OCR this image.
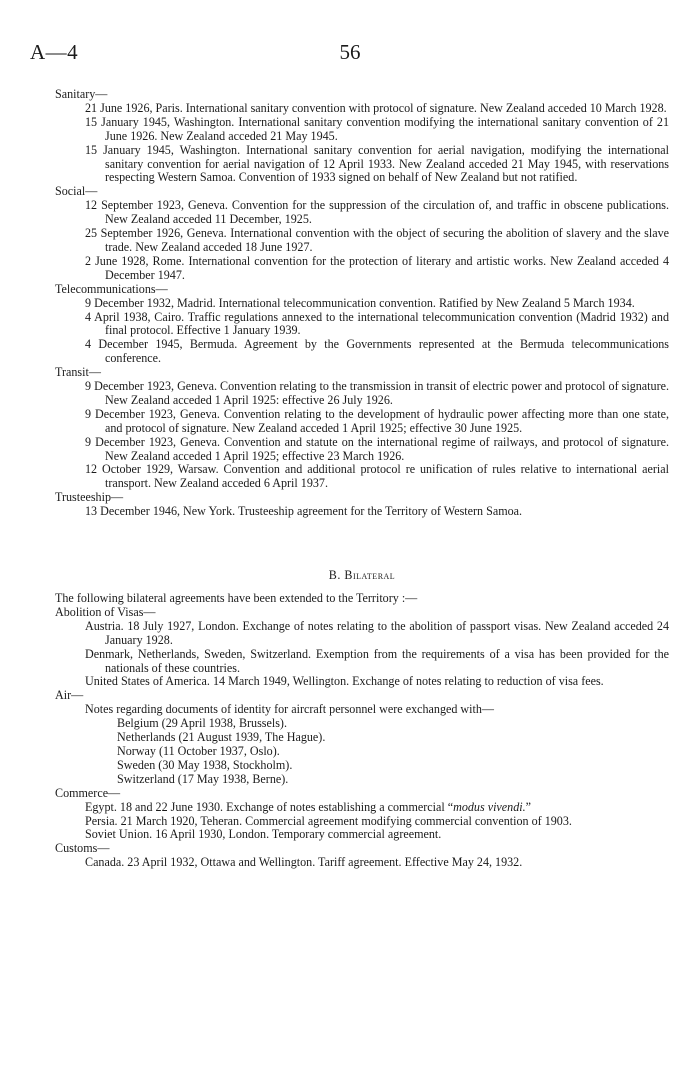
A—4	56

Sanitary—

21 June 1926, Paris. International sanitary convention with protocol of signature. New Zealand acceded 10 March 1928.

15 January 1945, Washington. International sanitary convention modifying the international sanitary convention of 21 June 1926. New Zealand acceded 21 May 1945.

15 January 1945, Washington. International sanitary convention for aerial navigation, modifying the international sanitary convention for aerial navigation of 12 April 1933. New Zealand acceded 21 May 1945, with reservations respecting Western Samoa. Convention of 1933 signed on behalf of New Zealand but not ratified.

Social—

12 September 1923, Geneva. Convention for the suppression of the circulation of, and traffic in obscene publications. New Zealand acceded 11 December, 1925.

25 September 1926, Geneva. International convention with the object of securing the abolition of slavery and the slave trade. New Zealand acceded 18 June 1927.

2 June 1928, Rome. International convention for the protection of literary and artistic works. New Zealand acceded 4 December 1947.

Telecommunications—

9 December 1932, Madrid. International telecommunication convention. Ratified by New Zealand 5 March 1934.

4 April 1938, Cairo. Traffic regulations annexed to the international telecommunication convention (Madrid 1932) and final protocol. Effective 1 January 1939.

4 December 1945, Bermuda. Agreement by the Governments represented at the Bermuda telecommunications conference.

Transit—

9 December 1923, Geneva. Convention relating to the transmission in transit of electric power and protocol of signature. New Zealand acceded 1 April 1925: effective 26 July 1926.

9 December 1923, Geneva. Convention relating to the development of hydraulic power affecting more than one state, and protocol of signature. New Zealand acceded 1 April 1925; effective 30 June 1925.

9 December 1923, Geneva. Convention and statute on the international regime of railways, and protocol of signature. New Zealand acceded 1 April 1925; effective 23 March 1926.

12 October 1929, Warsaw. Convention and additional protocol re unification of rules relative to international aerial transport. New Zealand acceded 6 April 1937.

Trusteeship—

13 December 1946, New York. Trusteeship agreement for the Territory of Western Samoa.

B. Bilateral

The following bilateral agreements have been extended to the Territory :—

Abolition of Visas—

Austria. 18 July 1927, London. Exchange of notes relating to the abolition of passport visas. New Zealand acceded 24 January 1928.

Denmark, Netherlands, Sweden, Switzerland. Exemption from the requirements of a visa has been provided for the nationals of these countries.

United States of America. 14 March 1949, Wellington. Exchange of notes relating to reduction of visa fees.

Air—

Notes regarding documents of identity for aircraft personnel were exchanged with—

Belgium (29 April 1938, Brussels).

Netherlands (21 August 1939, The Hague).

Norway (11 October 1937, Oslo).

Sweden (30 May 1938, Stockholm).

Switzerland (17 May 1938, Berne).

Commerce—

Egypt. 18 and 22 June 1930. Exchange of notes establishing a commercial “modus vivendi.”

Persia. 21 March 1920, Teheran. Commercial agreement modifying commercial convention of 1903.

Soviet Union. 16 April 1930, London. Temporary commercial agreement.

Customs—

Canada. 23 April 1932, Ottawa and Wellington. Tariff agreement. Effective May 24, 1932.
